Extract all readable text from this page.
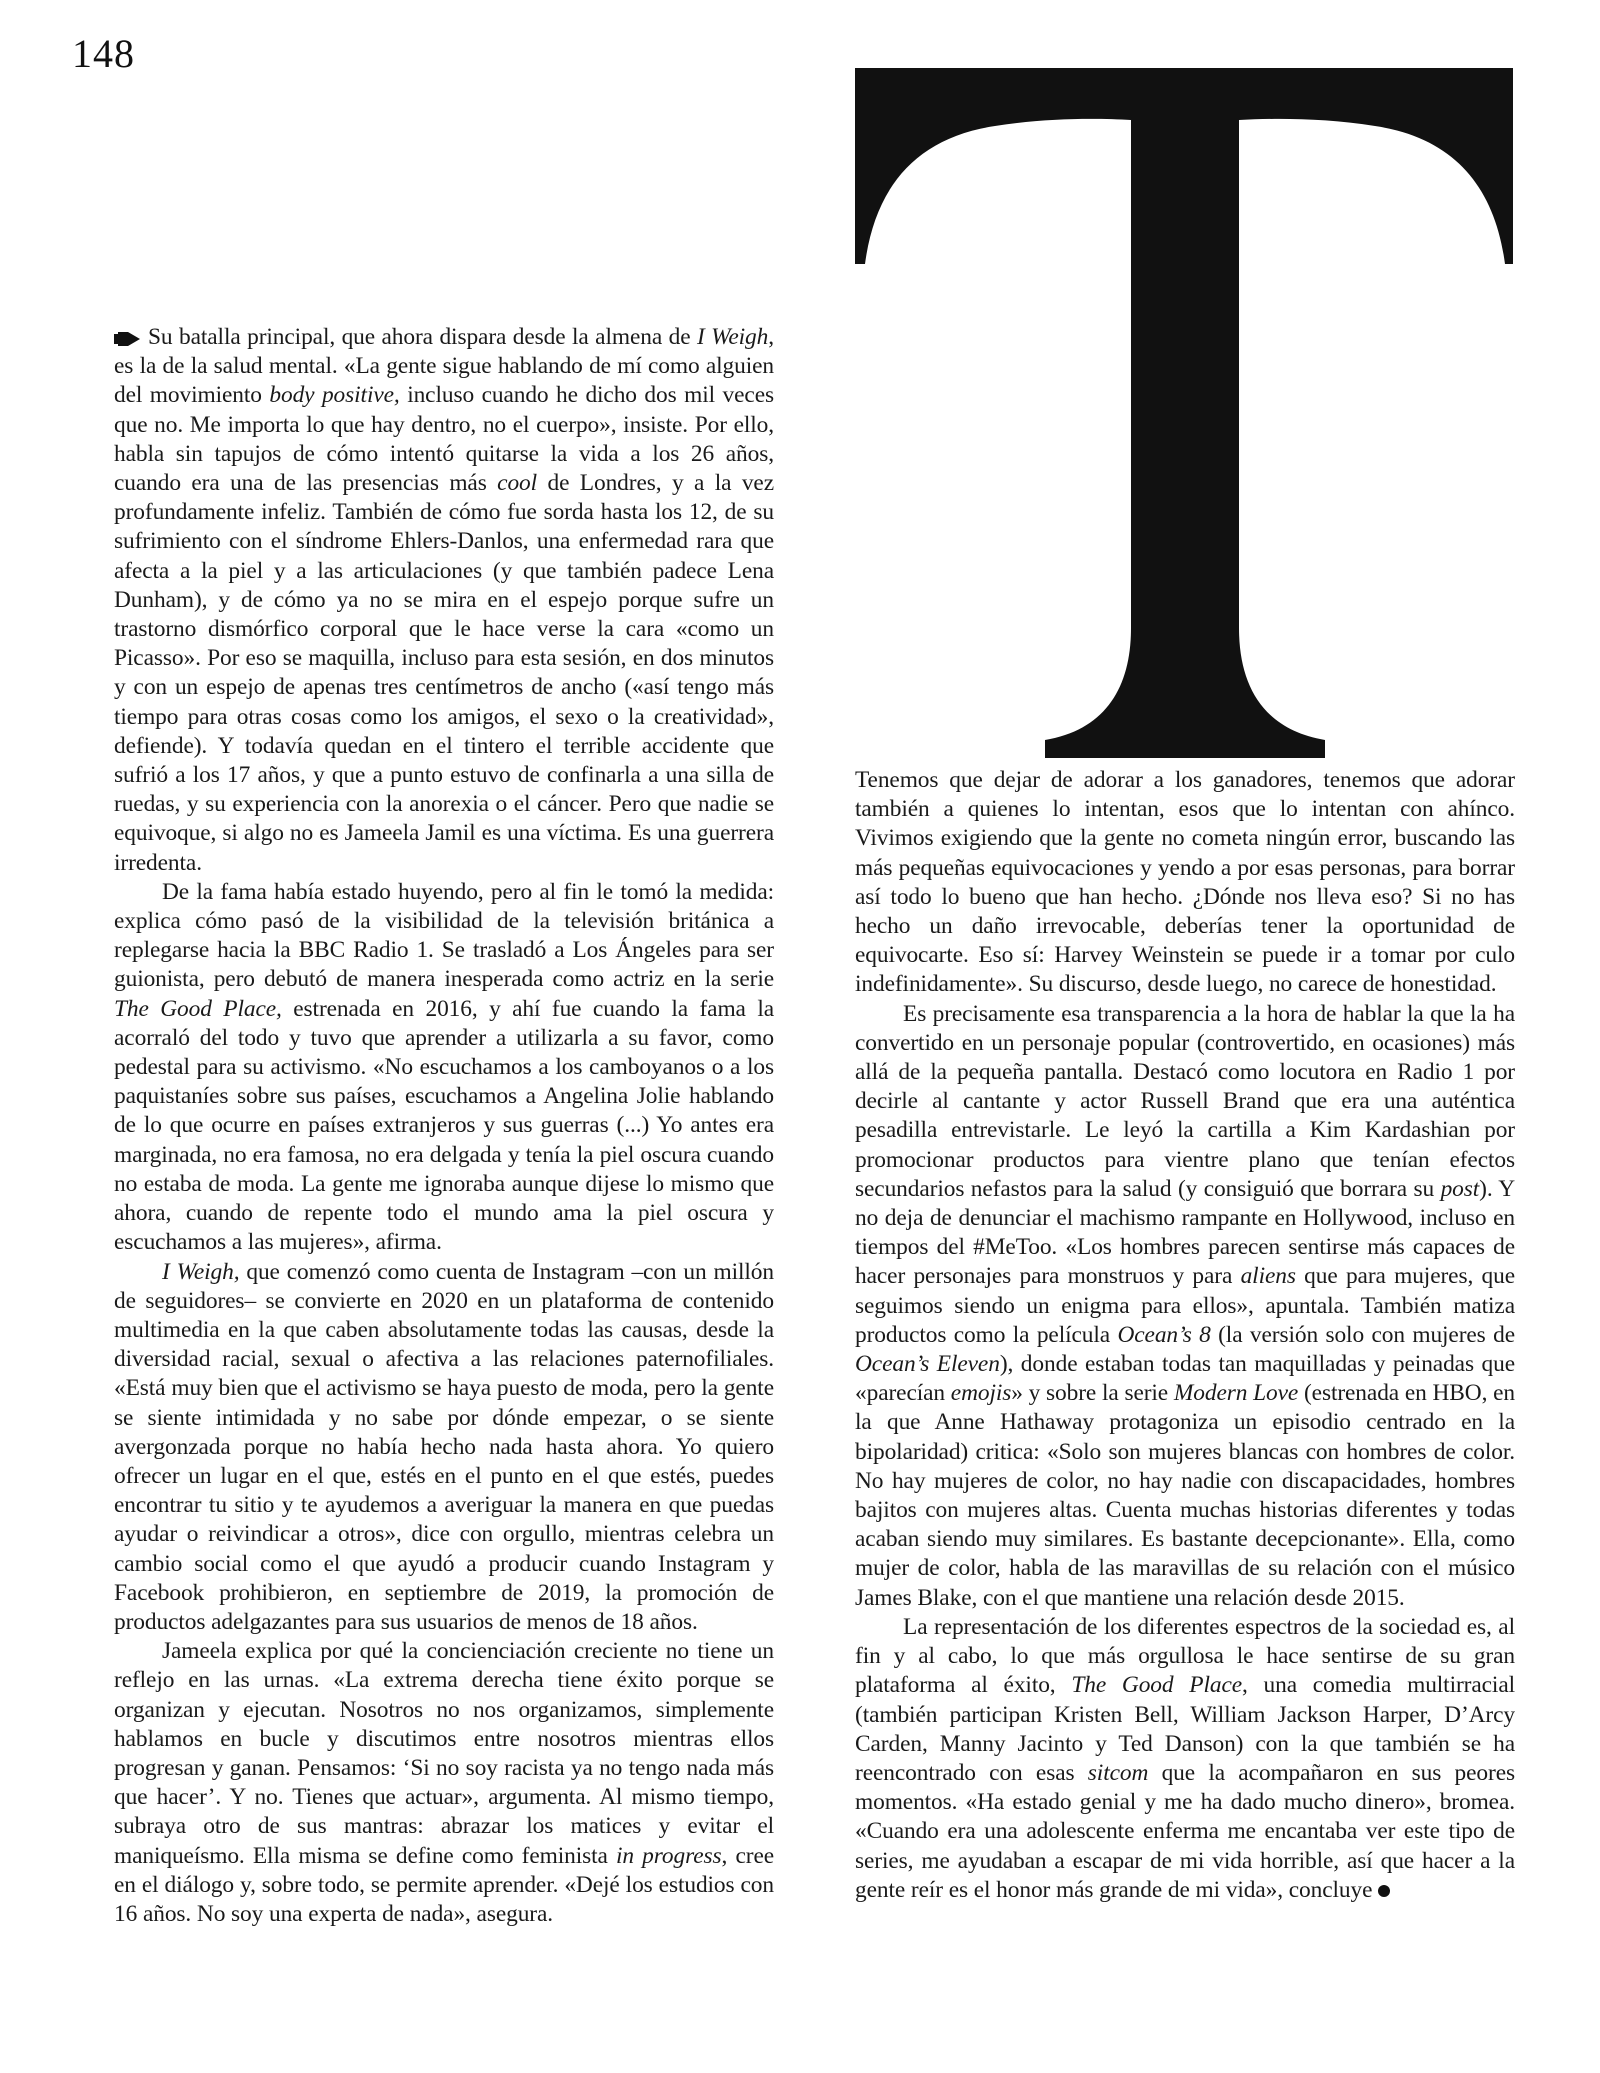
148

Su batalla principal, que ahora dispara desde la almena de I Weigh, es la de la salud mental. «La gente sigue hablando de mí como alguien del movimiento body positive, incluso cuando he dicho dos mil veces que no. Me importa lo que hay dentro, no el cuerpo», insiste. Por ello, habla sin tapujos de cómo intentó quitarse la vida a los 26 años, cuando era una de las presencias más cool de Londres, y a la vez profundamente infeliz. También de cómo fue sorda hasta los 12, de su sufrimiento con el síndrome Ehlers-Danlos, una enfermedad rara que afecta a la piel y a las articulaciones (y que también padece Lena Dunham), y de cómo ya no se mira en el espejo porque sufre un trastorno dismórfico corporal que le hace verse la cara «como un Picasso». Por eso se maquilla, incluso para esta sesión, en dos minutos y con un espejo de apenas tres centímetros de ancho («así tengo más tiempo para otras cosas como los amigos, el sexo o la creatividad», defiende). Y todavía quedan en el tintero el terrible accidente que sufrió a los 17 años, y que a punto estuvo de confinarla a una silla de ruedas, y su experiencia con la anorexia o el cáncer. Pero que nadie se equivoque, si algo no es Jameela Jamil es una víctima. Es una guerrera irredenta.

De la fama había estado huyendo, pero al fin le tomó la medida: explica cómo pasó de la visibilidad de la televisión británica a replegarse hacia la BBC Radio 1. Se trasladó a Los Ángeles para ser guionista, pero debutó de manera inesperada como actriz en la serie The Good Place, estrenada en 2016, y ahí fue cuando la fama la acorraló del todo y tuvo que aprender a utilizarla a su favor, como pedestal para su activismo. «No escuchamos a los camboyanos o a los paquistaníes sobre sus países, escuchamos a Angelina Jolie hablando de lo que ocurre en países extranjeros y sus guerras (...) Yo antes era marginada, no era famosa, no era delgada y tenía la piel oscura cuando no estaba de moda. La gente me ignoraba aunque dijese lo mismo que ahora, cuando de repente todo el mundo ama la piel oscura y escuchamos a las mujeres», afirma.

I Weigh, que comenzó como cuenta de Instagram –con un millón de seguidores– se convierte en 2020 en un plataforma de contenido multimedia en la que caben absolutamente todas las causas, desde la diversidad racial, sexual o afectiva a las relaciones paternofiliales. «Está muy bien que el activismo se haya puesto de moda, pero la gente se siente intimidada y no sabe por dónde empezar, o se siente avergonzada porque no había hecho nada hasta ahora. Yo quiero ofrecer un lugar en el que, estés en el punto en el que estés, puedes encontrar tu sitio y te ayudemos a averiguar la manera en que puedas ayudar o reivindicar a otros», dice con orgullo, mientras celebra un cambio social como el que ayudó a producir cuando Instagram y Facebook prohibieron, en septiembre de 2019, la promoción de productos adelgazantes para sus usuarios de menos de 18 años.

Jameela explica por qué la concienciación creciente no tiene un reflejo en las urnas. «La extrema derecha tiene éxito porque se organizan y ejecutan. Nosotros no nos organizamos, simplemente hablamos en bucle y discutimos entre nosotros mientras ellos progresan y ganan. Pensamos: ‘Si no soy racista ya no tengo nada más que hacer’. Y no. Tienes que actuar», argumenta. Al mismo tiempo, subraya otro de sus mantras: abrazar los matices y evitar el maniqueísmo. Ella misma se define como feminista in progress, cree en el diálogo y, sobre todo, se permite aprender. «Dejé los estudios con 16 años. No soy una experta de nada», asegura.

Tenemos que dejar de adorar a los ganadores, tenemos que adorar también a quienes lo intentan, esos que lo intentan con ahínco. Vivimos exigiendo que la gente no cometa ningún error, buscando las más pequeñas equivocaciones y yendo a por esas personas, para borrar así todo lo bueno que han hecho. ¿Dónde nos lleva eso? Si no has hecho un daño irrevocable, deberías tener la oportunidad de equivocarte. Eso sí: Harvey Weinstein se puede ir a tomar por culo indefinidamente». Su discurso, desde luego, no carece de honestidad.

Es precisamente esa transparencia a la hora de hablar la que la ha convertido en un personaje popular (controvertido, en ocasiones) más allá de la pequeña pantalla. Destacó como locutora en Radio 1 por decirle al cantante y actor Russell Brand que era una auténtica pesadilla entrevistarle. Le leyó la cartilla a Kim Kardashian por promocionar productos para vientre plano que tenían efectos secundarios nefastos para la salud (y consiguió que borrara su post). Y no deja de denunciar el machismo rampante en Hollywood, incluso en tiempos del #MeToo. «Los hombres parecen sentirse más capaces de hacer personajes para monstruos y para aliens que para mujeres, que seguimos siendo un enigma para ellos», apuntala. También matiza productos como la película Ocean’s 8 (la versión solo con mujeres de Ocean’s Eleven), donde estaban todas tan maquilladas y peinadas que «parecían emojis» y sobre la serie Modern Love (estrenada en HBO, en la que Anne Hathaway protagoniza un episodio centrado en la bipolaridad) critica: «Solo son mujeres blancas con hombres de color. No hay mujeres de color, no hay nadie con discapacidades, hombres bajitos con mujeres altas. Cuenta muchas historias diferentes y todas acaban siendo muy similares. Es bastante decepcionante». Ella, como mujer de color, habla de las maravillas de su relación con el músico James Blake, con el que mantiene una relación desde 2015.

La representación de los diferentes espectros de la sociedad es, al fin y al cabo, lo que más orgullosa le hace sentirse de su gran plataforma al éxito, The Good Place, una comedia multirracial (también participan Kristen Bell, William Jackson Harper, D’Arcy Carden, Manny Jacinto y Ted Danson) con la que también se ha reencontrado con esas sitcom que la acompañaron en sus peores momentos. «Ha estado genial y me ha dado mucho dinero», bromea. «Cuando era una adolescente enferma me encantaba ver este tipo de series, me ayudaban a escapar de mi vida horrible, así que hacer a la gente reír es el honor más grande de mi vida», concluye
